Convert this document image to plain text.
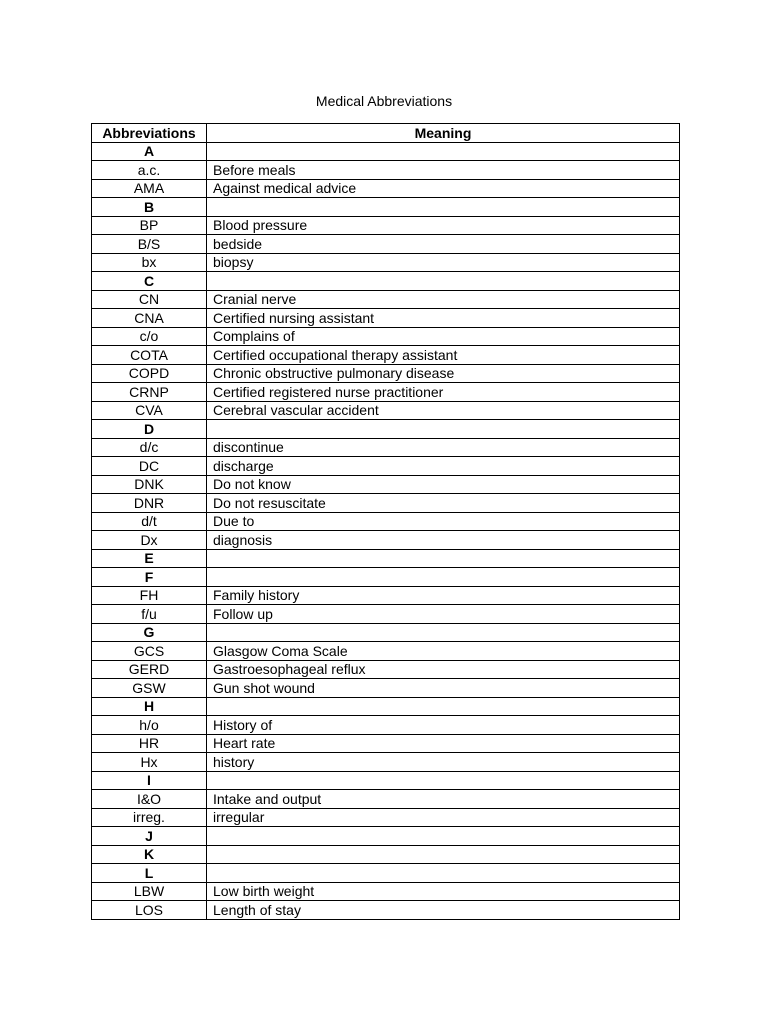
Medical Abbreviations
Abbreviations	Meaning
A	
a.c.	Before meals
AMA	Against medical advice
B	
BP	Blood pressure
B/S	bedside
bx	biopsy
C	
CN	Cranial nerve
CNA	Certified nursing assistant
c/o	Complains of
COTA	Certified occupational therapy assistant
COPD	Chronic obstructive pulmonary disease
CRNP	Certified registered nurse practitioner
CVA	Cerebral vascular accident
D	
d/c	discontinue
DC	discharge
DNK	Do not know
DNR	Do not resuscitate
d/t	Due to
Dx	diagnosis
E	
F	
FH	Family history
f/u	Follow up
G	
GCS	Glasgow Coma Scale
GERD	Gastroesophageal reflux
GSW	Gun shot wound
H	
h/o	History of
HR	Heart rate
Hx	history
I	
I&O	Intake and output
irreg.	irregular
J	
K	
L	
LBW	Low birth weight
LOS	Length of stay
